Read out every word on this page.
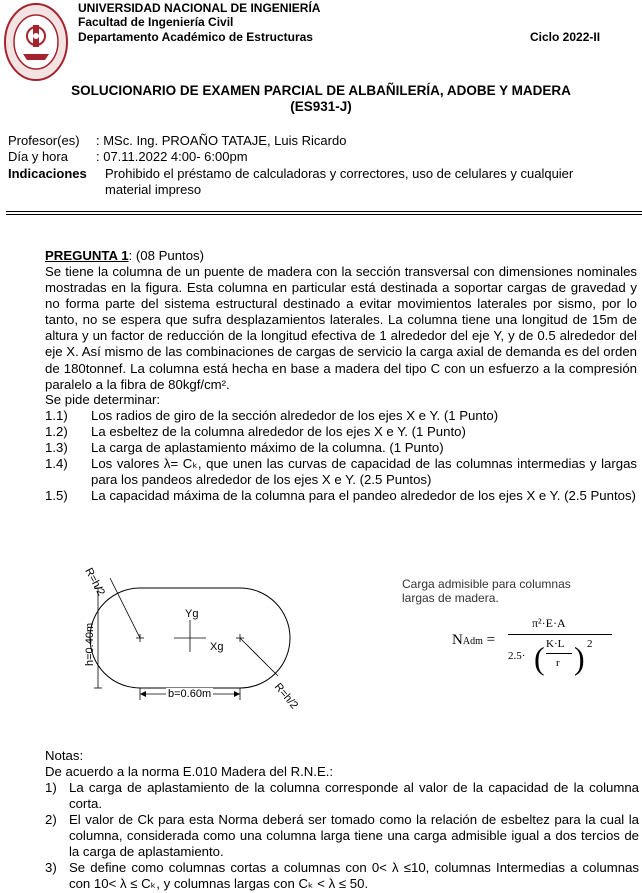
UNIVERSIDAD NACIONAL DE INGENIERÍA
Facultad de Ingeniería Civil
Departamento Académico de Estructuras	Ciclo 2022-II
SOLUCIONARIO DE EXAMEN PARCIAL DE ALBAÑILERÍA, ADOBE Y MADERA
(ES931-J)
Profesor(es) : MSc. Ing. PROAÑO TATAJE, Luis Ricardo
Día y hora : 07.11.2022 4:00- 6:00pm
Indicaciones Prohibido el préstamo de calculadoras y correctores, uso de celulares y cualquier
material impreso
PREGUNTA 1: (08 Puntos)
Se tiene la columna de un puente de madera con la sección transversal con dimensiones nominales mostradas en la figura. Esta columna en particular está destinada a soportar cargas de gravedad y no forma parte del sistema estructural destinado a evitar movimientos laterales por sismo, por lo tanto, no se espera que sufra desplazamientos laterales. La columna tiene una longitud de 15m de altura y un factor de reducción de la longitud efectiva de 1 alrededor del eje Y, y de 0.5 alrededor del eje X. Así mismo de las combinaciones de cargas de servicio la carga axial de demanda es del orden de 180tonnef. La columna está hecha en base a madera del tipo C con un esfuerzo a la compresión paralelo a la fibra de 80kgf/cm².
Se pide determinar:
1.1) Los radios de giro de la sección alrededor de los ejes X e Y. (1 Punto)
1.2) La esbeltez de la columna alrededor de los ejes X e Y. (1 Punto)
1.3) La carga de aplastamiento máximo de la columna. (1 Punto)
1.4) Los valores λ= Cₖ, que unen las curvas de capacidad de las columnas intermedias y largas para los pandeos alrededor de los ejes X e Y. (2.5 Puntos)
1.5) La capacidad máxima de la columna para el pandeo alrededor de los ejes X e Y. (2.5 Puntos)
R=h/2
R=h/2
h=0.40m
b=0.60m
Yg
Xg
Carga admisible para columnas
largas de madera.
NAdm =
π²·E·A
2.5· ( K·L
r ) 2
Notas:
De acuerdo a la norma E.010 Madera del R.N.E.:
1) La carga de aplastamiento de la columna corresponde al valor de la capacidad de la columna corta.
2) El valor de Ck para esta Norma deberá ser tomado como la relación de esbeltez para la cual la columna, considerada como una columna larga tiene una carga admisible igual a dos tercios de la carga de aplastamiento.
3) Se define como columnas cortas a columnas con 0< λ ≤10, columnas Intermedias a columnas con 10< λ ≤ Cₖ, y columnas largas con Cₖ < λ ≤ 50.
